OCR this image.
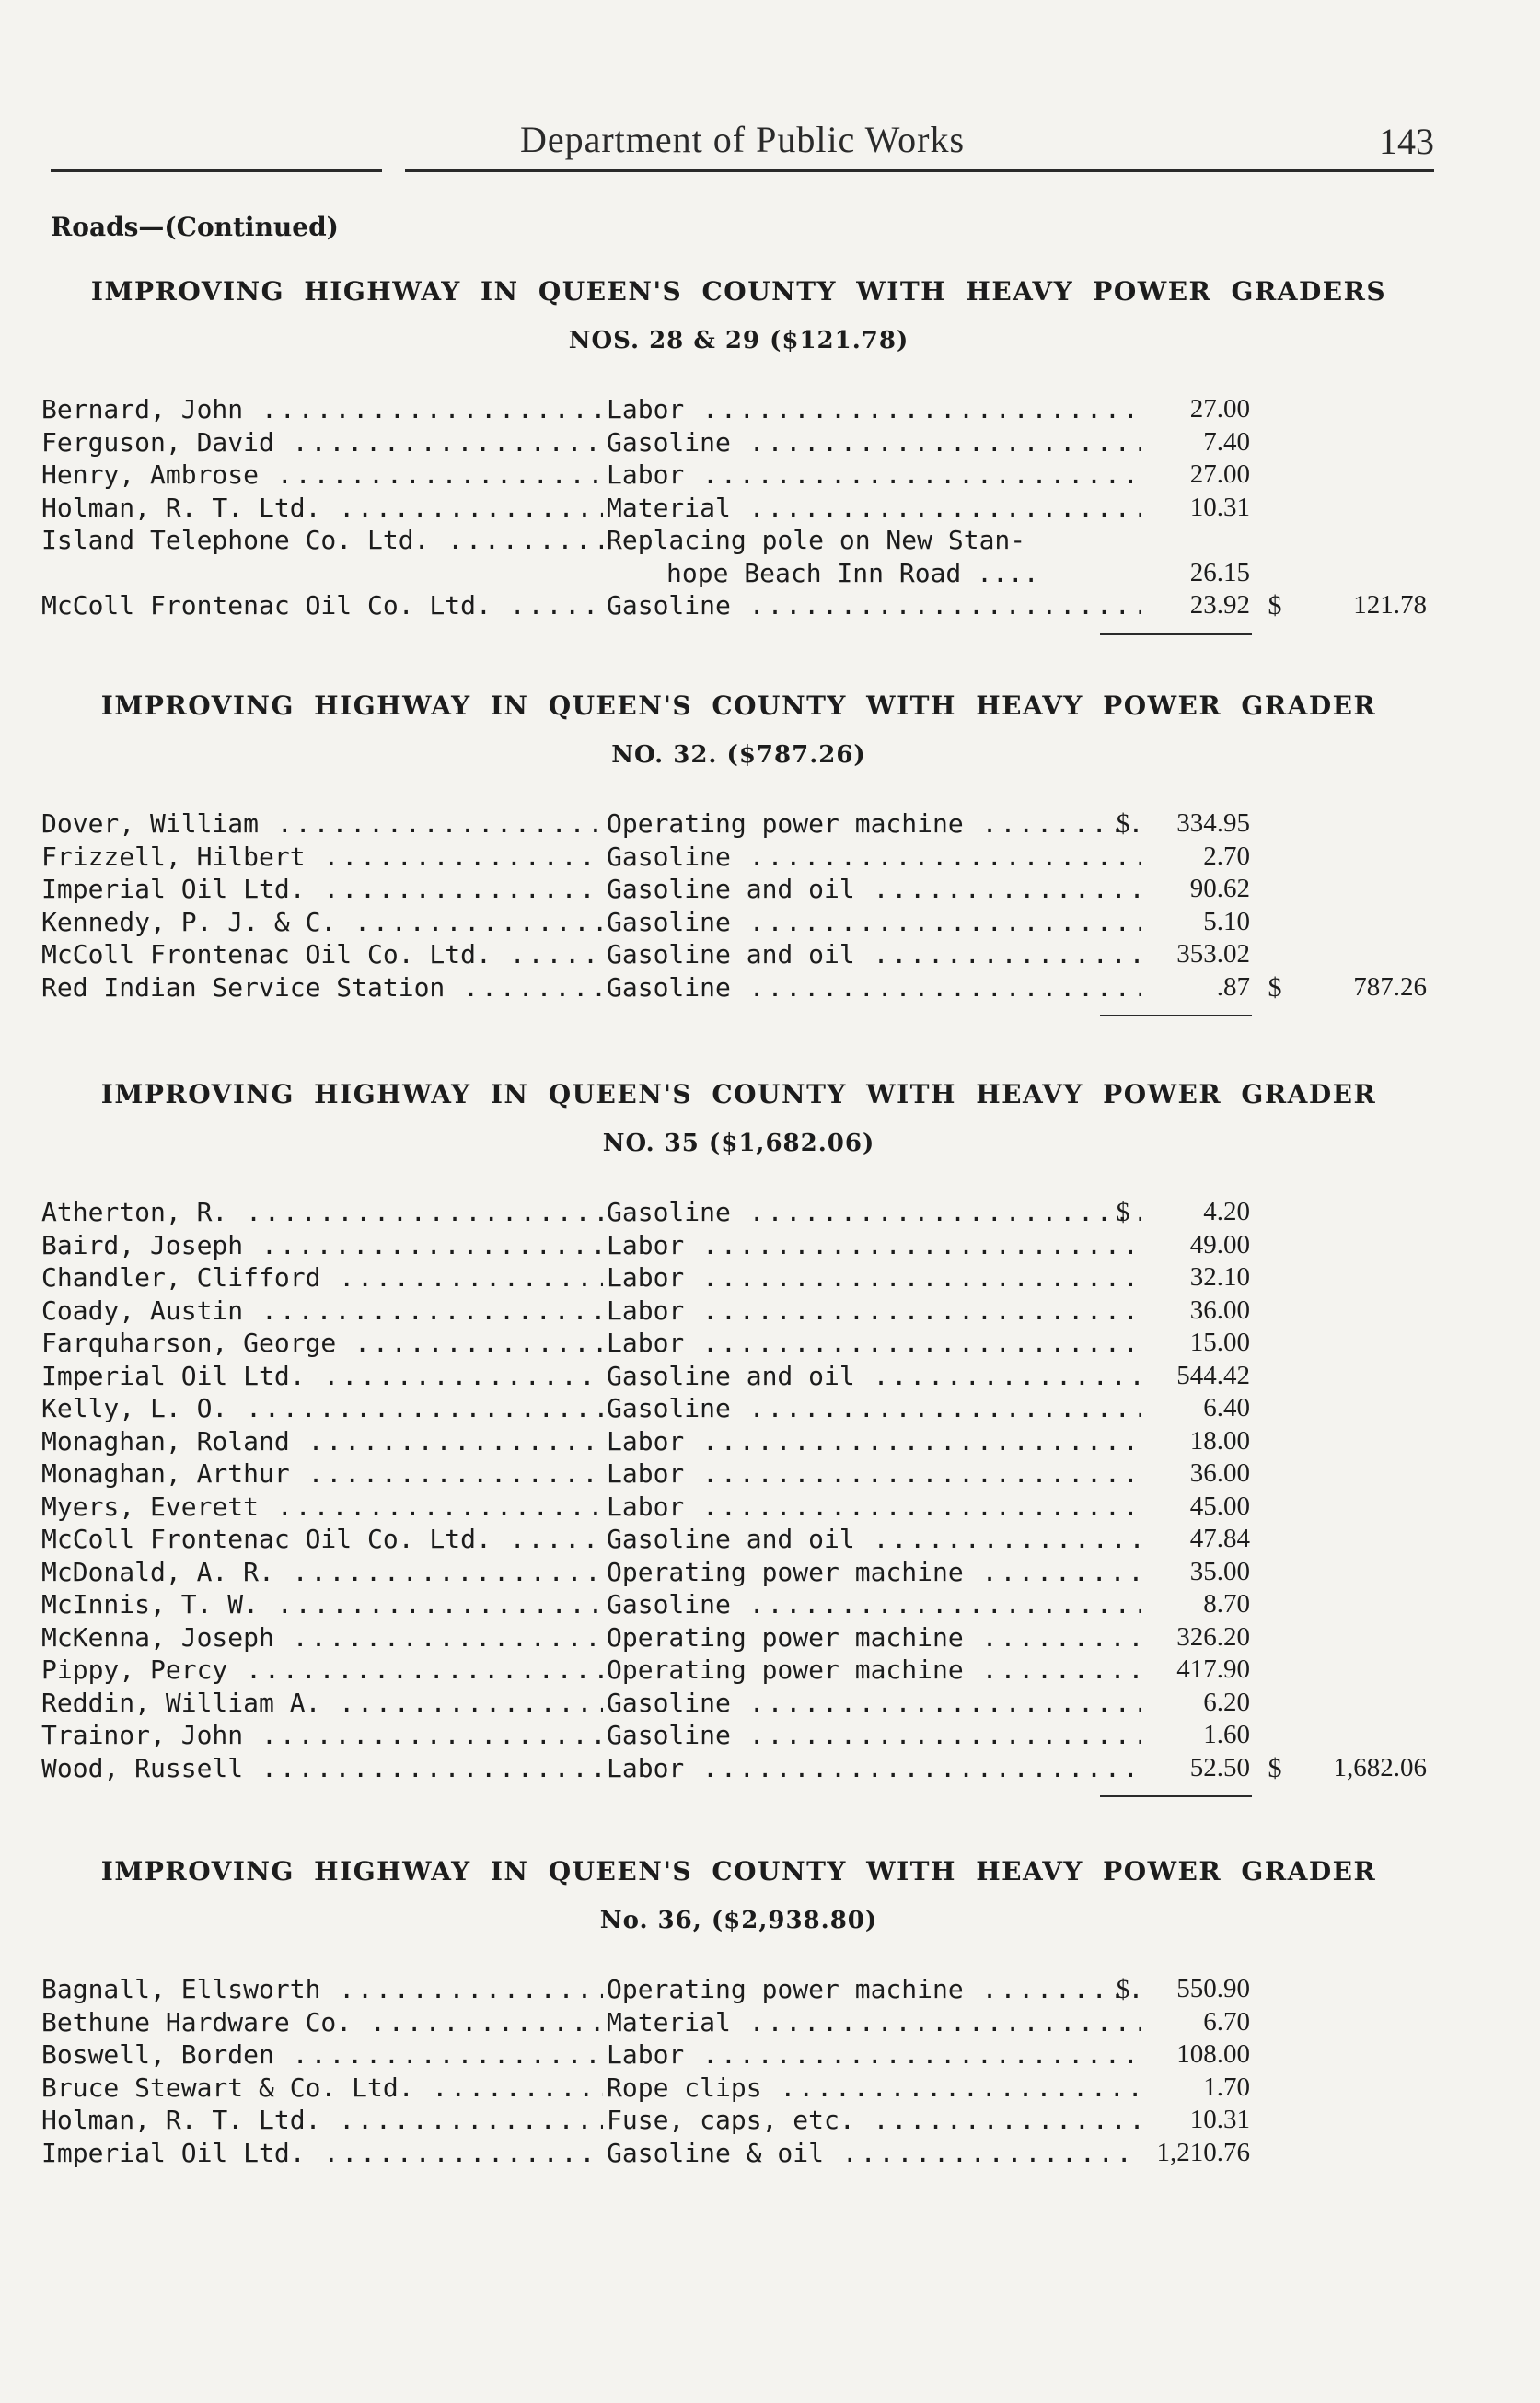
Department of Public Works	143
Roads—(Continued)
IMPROVING HIGHWAY IN QUEEN'S COUNTY WITH HEAVY POWER GRADERS
NOS. 28 & 29 ($121.78)
Bernard, John .....	Labor .....	27.00
Ferguson, David .....	Gasoline .....	7.40
Henry, Ambrose .....	Labor .....	27.00
Holman, R. T. Ltd. .....	Material .....	10.31
Island Telephone Co. Ltd. .....	Replacing pole on New Stan-
hope Beach Inn Road ....	26.15
McColl Frontenac Oil Co. Ltd. .....	Gasoline .....	23.92 $	121.78
IMPROVING HIGHWAY IN QUEEN'S COUNTY WITH HEAVY POWER GRADER
NO. 32. ($787.26)
Dover, William .....	Operating power machine .....	$	334.95
Frizzell, Hilbert .....	Gasoline .....	2.70
Imperial Oil Ltd. .....	Gasoline and oil .....	90.62
Kennedy, P. J. & C. .....	Gasoline .....	5.10
McColl Frontenac Oil Co. Ltd. .....	Gasoline and oil .....	353.02
Red Indian Service Station .....	Gasoline .....	.87 $	787.26
IMPROVING HIGHWAY IN QUEEN'S COUNTY WITH HEAVY POWER GRADER
NO. 35 ($1,682.06)
Atherton, R. .....	Gasoline .....	$	4.20
Baird, Joseph .....	Labor .....	49.00
Chandler, Clifford .....	Labor .....	32.10
Coady, Austin .....	Labor .....	36.00
Farquharson, George .....	Labor .....	15.00
Imperial Oil Ltd. .....	Gasoline and oil .....	544.42
Kelly, L. O. .....	Gasoline .....	6.40
Monaghan, Roland .....	Labor .....	18.00
Monaghan, Arthur .....	Labor .....	36.00
Myers, Everett .....	Labor .....	45.00
McColl Frontenac Oil Co. Ltd. .....	Gasoline and oil .....	47.84
McDonald, A. R. .....	Operating power machine .....	35.00
McInnis, T. W. .....	Gasoline .....	8.70
McKenna, Joseph .....	Operating power machine .....	326.20
Pippy, Percy .....	Operating power machine .....	417.90
Reddin, William A. .....	Gasoline .....	6.20
Trainor, John .....	Gasoline .....	1.60
Wood, Russell .....	Labor .....	52.50 $	1,682.06
IMPROVING HIGHWAY IN QUEEN'S COUNTY WITH HEAVY POWER GRADER
No. 36, ($2,938.80)
Bagnall, Ellsworth .....	Operating power machine .....	$	550.90
Bethune Hardware Co. .....	Material .....	6.70
Boswell, Borden .....	Labor .....	108.00
Bruce Stewart & Co. Ltd. .....	Rope clips .....	1.70
Holman, R. T. Ltd. .....	Fuse, caps, etc. .....	10.31
Imperial Oil Ltd. .....	Gasoline & oil .....	1,210.76
